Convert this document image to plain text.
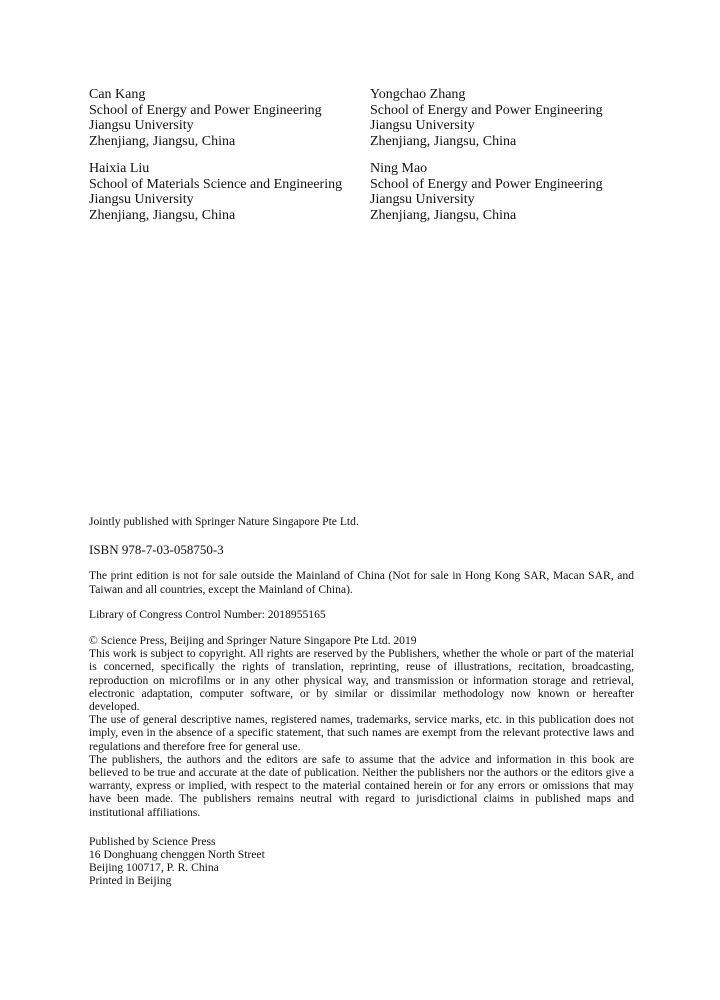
Can Kang
School of Energy and Power Engineering
Jiangsu University
Zhenjiang, Jiangsu, China
Yongchao Zhang
School of Energy and Power Engineering
Jiangsu University
Zhenjiang, Jiangsu, China
Haixia Liu
School of Materials Science and Engineering
Jiangsu University
Zhenjiang, Jiangsu, China
Ning Mao
School of Energy and Power Engineering
Jiangsu University
Zhenjiang, Jiangsu, China

Jointly published with Springer Nature Singapore Pte Ltd.

ISBN 978-7-03-058750-3

The print edition is not for sale outside the Mainland of China (Not for sale in Hong Kong SAR, Macan SAR, and Taiwan and all countries, except the Mainland of China).

Library of Congress Control Number: 2018955165

© Science Press, Beijing and Springer Nature Singapore Pte Ltd. 2019

This work is subject to copyright. All rights are reserved by the Publishers, whether the whole or part of the material is concerned, specifically the rights of translation, reprinting, reuse of illustrations, recitation, broadcasting, reproduction on microfilms or in any other physical way, and transmission or information storage and retrieval, electronic adaptation, computer software, or by similar or dissimilar methodology now known or hereafter developed.

The use of general descriptive names, registered names, trademarks, service marks, etc. in this publication does not imply, even in the absence of a specific statement, that such names are exempt from the relevant protective laws and regulations and therefore free for general use.

The publishers, the authors and the editors are safe to assume that the advice and information in this book are believed to be true and accurate at the date of publication. Neither the publishers nor the authors or the editors give a warranty, express or implied, with respect to the material contained herein or for any errors or omissions that may have been made. The publishers remains neutral with regard to jurisdictional claims in published maps and institutional affiliations.

Published by Science Press
16 Donghuang chenggen North Street
Beijing 100717, P. R. China
Printed in Beijing
